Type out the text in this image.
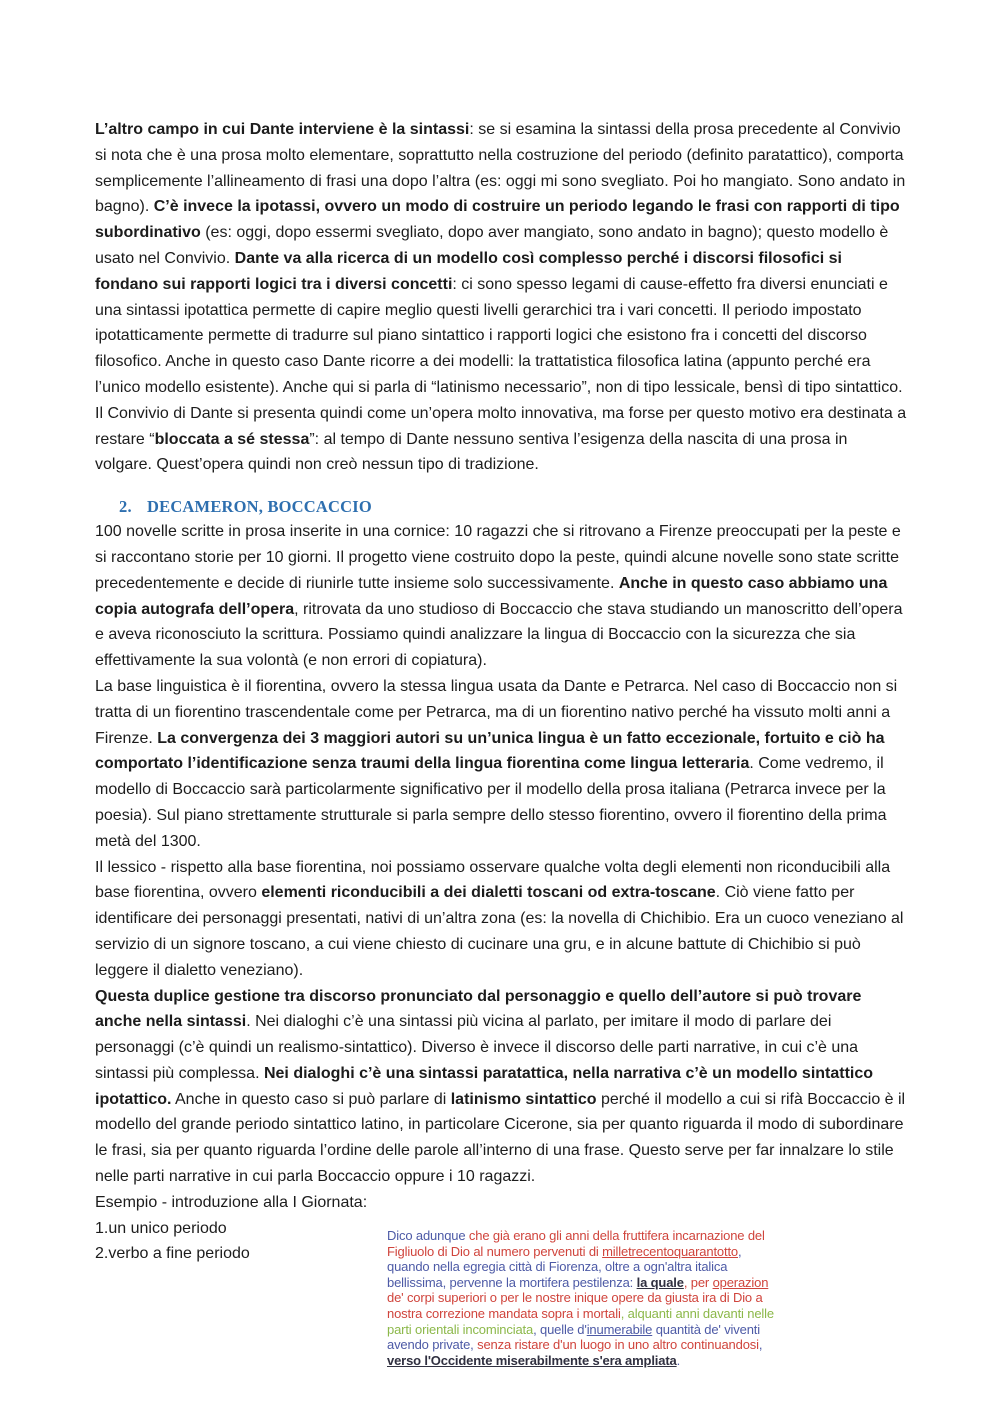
L’altro campo in cui Dante interviene è la sintassi: se si esamina la sintassi della prosa precedente al Convivio si nota che è una prosa molto elementare, soprattutto nella costruzione del periodo (definito paratattico), comporta semplicemente l’allineamento di frasi una dopo l’altra (es: oggi mi sono svegliato. Poi ho mangiato. Sono andato in bagno). C’è invece la ipotassi, ovvero un modo di costruire un periodo legando le frasi con rapporti di tipo subordinativo (es: oggi, dopo essermi svegliato, dopo aver mangiato, sono andato in bagno); questo modello è usato nel Convivio. Dante va alla ricerca di un modello così complesso perché i discorsi filosofici si fondano sui rapporti logici tra i diversi concetti: ci sono spesso legami di cause-effetto fra diversi enunciati e una sintassi ipotattica permette di capire meglio questi livelli gerarchici tra i vari concetti. Il periodo impostato ipotatticamente permette di tradurre sul piano sintattico i rapporti logici che esistono fra i concetti del discorso filosofico. Anche in questo caso Dante ricorre a dei modelli: la trattatistica filosofica latina (appunto perché era l’unico modello esistente). Anche qui si parla di “latinismo necessario”, non di tipo lessicale, bensì di tipo sintattico.

Il Convivio di Dante si presenta quindi come un’opera molto innovativa, ma forse per questo motivo era destinata a restare “bloccata a sé stessa”: al tempo di Dante nessuno sentiva l’esigenza della nascita di una prosa in volgare. Quest’opera quindi non creò nessun tipo di tradizione.

2. DECAMERON, BOCCACCIO

100 novelle scritte in prosa inserite in una cornice: 10 ragazzi che si ritrovano a Firenze preoccupati per la peste e si raccontano storie per 10 giorni. Il progetto viene costruito dopo la peste, quindi alcune novelle sono state scritte precedentemente e decide di riunirle tutte insieme solo successivamente. Anche in questo caso abbiamo una copia autografa dell’opera, ritrovata da uno studioso di Boccaccio che stava studiando un manoscritto dell’opera e aveva riconosciuto la scrittura. Possiamo quindi analizzare la lingua di Boccaccio con la sicurezza che sia effettivamente la sua volontà (e non errori di copiatura).

La base linguistica è il fiorentina, ovvero la stessa lingua usata da Dante e Petrarca. Nel caso di Boccaccio non si tratta di un fiorentino trascendentale come per Petrarca, ma di un fiorentino nativo perché ha vissuto molti anni a Firenze. La convergenza dei 3 maggiori autori su un’unica lingua è un fatto eccezionale, fortuito e ciò ha comportato l’identificazione senza traumi della lingua fiorentina come lingua letteraria. Come vedremo, il modello di Boccaccio sarà particolarmente significativo per il modello della prosa italiana (Petrarca invece per la poesia). Sul piano strettamente strutturale si parla sempre dello stesso fiorentino, ovvero il fiorentino della prima metà del 1300.

Il lessico - rispetto alla base fiorentina, noi possiamo osservare qualche volta degli elementi non riconducibili alla base fiorentina, ovvero elementi riconducibili a dei dialetti toscani od extra-toscane. Ciò viene fatto per identificare dei personaggi presentati, nativi di un’altra zona (es: la novella di Chichibio. Era un cuoco veneziano al servizio di un signore toscano, a cui viene chiesto di cucinare una gru, e in alcune battute di Chichibio si può leggere il dialetto veneziano).

Questa duplice gestione tra discorso pronunciato dal personaggio e quello dell’autore si può trovare anche nella sintassi. Nei dialoghi c’è una sintassi più vicina al parlato, per imitare il modo di parlare dei personaggi (c’è quindi un realismo-sintattico). Diverso è invece il discorso delle parti narrative, in cui c’è una sintassi più complessa. Nei dialoghi c’è una sintassi paratattica, nella narrativa c’è un modello sintattico ipotattico. Anche in questo caso si può parlare di latinismo sintattico perché il modello a cui si rifà Boccaccio è il modello del grande periodo sintattico latino, in particolare Cicerone, sia per quanto riguarda il modo di subordinare le frasi, sia per quanto riguarda l’ordine delle parole all’interno di una frase. Questo serve per far innalzare lo stile nelle parti narrative in cui parla Boccaccio oppure i 10 ragazzi.

Esempio - introduzione alla I Giornata:

1.un unico periodo

2.verbo a fine periodo

Dico adunque che già erano gli anni della fruttifera incarnazione del Figliuolo di Dio al numero pervenuti di milletrecentoquarantotto, quando nella egregia città di Fiorenza, oltre a ogn'altra italica bellissima, pervenne la mortifera pestilenza: la quale, per operazion de' corpi superiori o per le nostre inique opere da giusta ira di Dio a nostra correzione mandata sopra i mortali, alquanti anni davanti nelle parti orientali incominciata, quelle d'inumerabile quantità de' viventi avendo private, senza ristare d'un luogo in uno altro continuandosi, verso l'Occidente miserabilmente s'era ampliata.
